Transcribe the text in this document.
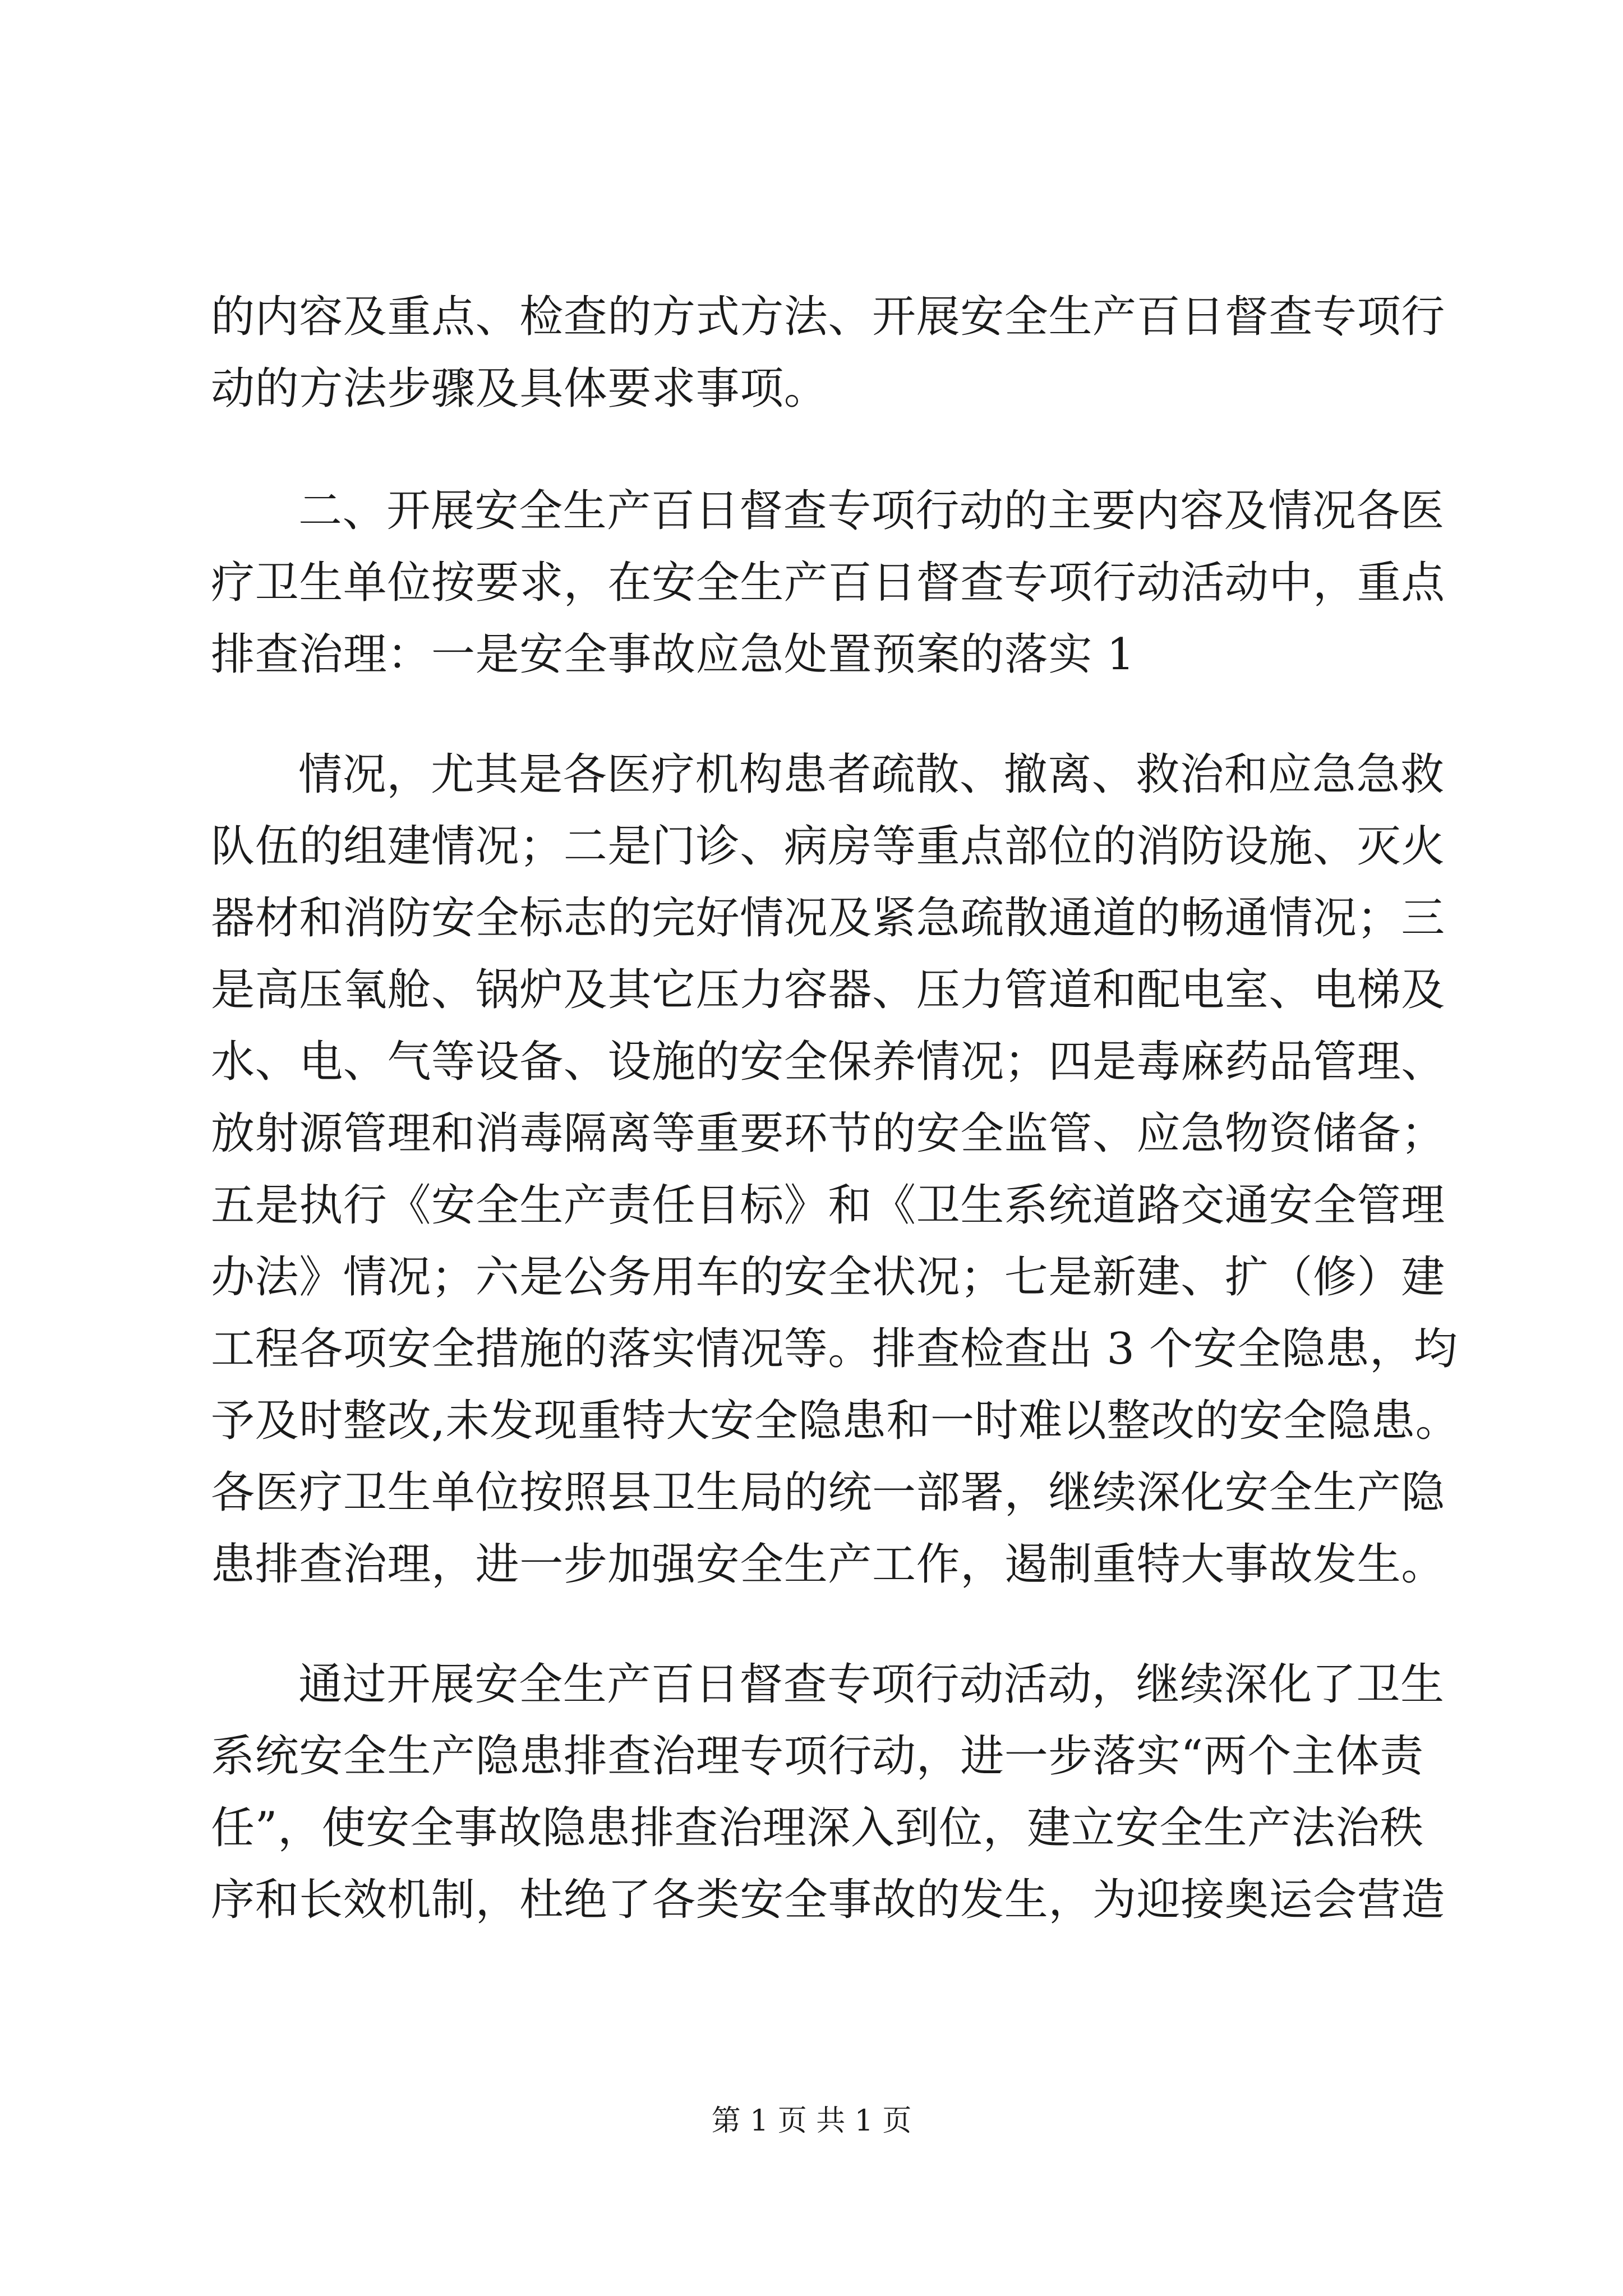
的内容及重点、检查的方式方法、开展安全生产百日督查专项行
动的方法步骤及具体要求事项。
二、开展安全生产百日督查专项行动的主要内容及情况各医
疗卫生单位按要求，在安全生产百日督查专项行动活动中，重点
排查治理：一是安全事故应急处置预案的落实 1
情况，尤其是各医疗机构患者疏散、撤离、救治和应急急救
队伍的组建情况；二是门诊、病房等重点部位的消防设施、灭火
器材和消防安全标志的完好情况及紧急疏散通道的畅通情况；三
是高压氧舱、锅炉及其它压力容器、压力管道和配电室、电梯及
水、电、气等设备、设施的安全保养情况；四是毒麻药品管理、
放射源管理和消毒隔离等重要环节的安全监管、应急物资储备；
五是执行《安全生产责任目标》和《卫生系统道路交通安全管理
办法》情况；六是公务用车的安全状况；七是新建、扩（修）建
工程各项安全措施的落实情况等。排查检查出 3 个安全隐患，均
予及时整改,未发现重特大安全隐患和一时难以整改的安全隐患。
各医疗卫生单位按照县卫生局的统一部署，继续深化安全生产隐
患排查治理，进一步加强安全生产工作，遏制重特大事故发生。
通过开展安全生产百日督查专项行动活动，继续深化了卫生
系统安全生产隐患排查治理专项行动，进一步落实“两个主体责
任”，使安全事故隐患排查治理深入到位，建立安全生产法治秩
序和长效机制，杜绝了各类安全事故的发生，为迎接奥运会营造
第 1 页 共 1 页
